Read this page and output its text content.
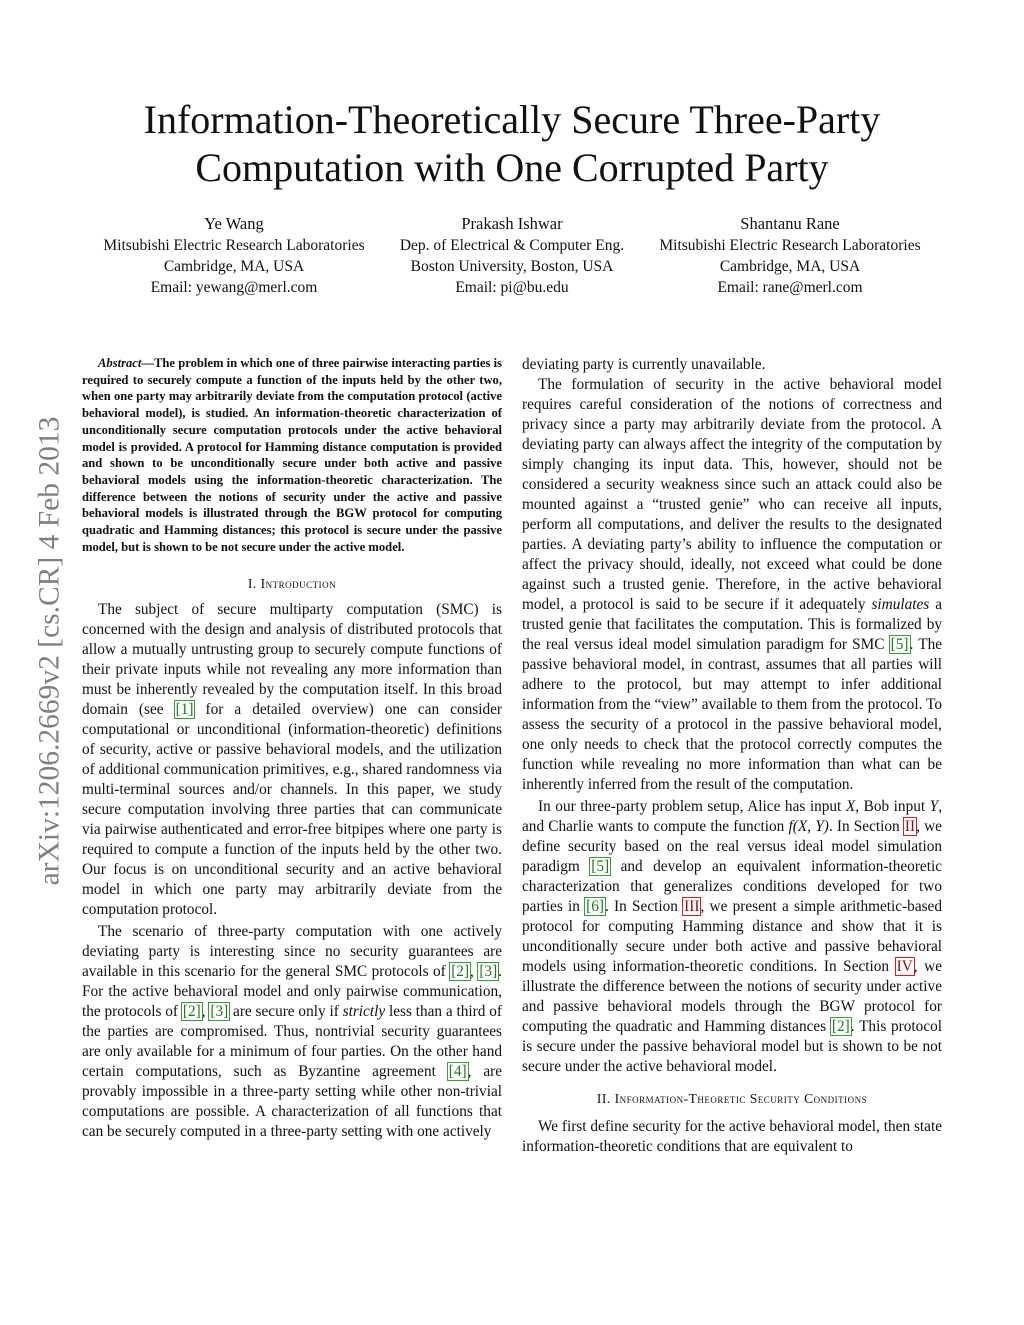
Information-Theoretically Secure Three-Party
Computation with One Corrupted Party
Ye Wang
Mitsubishi Electric Research Laboratories
Cambridge, MA, USA
Email: yewang@merl.com
Prakash Ishwar
Dep. of Electrical & Computer Eng.
Boston University, Boston, USA
Email: pi@bu.edu
Shantanu Rane
Mitsubishi Electric Research Laboratories
Cambridge, MA, USA
Email: rane@merl.com
arXiv:1206.2669v2 [cs.CR] 4 Feb 2013

Abstract—The problem in which one of three pairwise interacting parties is required to securely compute a function of the inputs held by the other two, when one party may arbitrarily deviate from the computation protocol (active behavioral model), is studied. An information-theoretic characterization of unconditionally secure computation protocols under the active behavioral model is provided. A protocol for Hamming distance computation is provided and shown to be unconditionally secure under both active and passive behavioral models using the information-theoretic characterization. The difference between the notions of security under the active and passive behavioral models is illustrated through the BGW protocol for computing quadratic and Hamming distances; this protocol is secure under the passive model, but is shown to be not secure under the active model.

I. Introduction

The subject of secure multiparty computation (SMC) is concerned with the design and analysis of distributed protocols that allow a mutually untrusting group to securely compute functions of their private inputs while not revealing any more information than must be inherently revealed by the computation itself. In this broad domain (see [1] for a detailed overview) one can consider computational or unconditional (information-theoretic) definitions of security, active or passive behavioral models, and the utilization of additional communication primitives, e.g., shared randomness via multi-terminal sources and/or channels. In this paper, we study secure computation involving three parties that can communicate via pairwise authenticated and error-free bitpipes where one party is required to compute a function of the inputs held by the other two. Our focus is on unconditional security and an active behavioral model in which one party may arbitrarily deviate from the computation protocol.

The scenario of three-party computation with one actively deviating party is interesting since no security guarantees are available in this scenario for the general SMC protocols of [2], [3]. For the active behavioral model and only pairwise communication, the protocols of [2], [3] are secure only if strictly less than a third of the parties are compromised. Thus, nontrivial security guarantees are only available for a minimum of four parties. On the other hand certain computations, such as Byzantine agreement [4], are provably impossible in a three-party setting while other non-trivial computations are possible. A characterization of all functions that can be securely computed in a three-party setting with one actively

deviating party is currently unavailable.

The formulation of security in the active behavioral model requires careful consideration of the notions of correctness and privacy since a party may arbitrarily deviate from the protocol. A deviating party can always affect the integrity of the computation by simply changing its input data. This, however, should not be considered a security weakness since such an attack could also be mounted against a “trusted genie” who can receive all inputs, perform all computations, and deliver the results to the designated parties. A deviating party’s ability to influence the computation or affect the privacy should, ideally, not exceed what could be done against such a trusted genie. Therefore, in the active behavioral model, a protocol is said to be secure if it adequately simulates a trusted genie that facilitates the computation. This is formalized by the real versus ideal model simulation paradigm for SMC [5]. The passive behavioral model, in contrast, assumes that all parties will adhere to the protocol, but may attempt to infer additional information from the “view” available to them from the protocol. To assess the security of a protocol in the passive behavioral model, one only needs to check that the protocol correctly computes the function while revealing no more information than what can be inherently inferred from the result of the computation.

In our three-party problem setup, Alice has input X, Bob input Y, and Charlie wants to compute the function f(X, Y). In Section II, we define security based on the real versus ideal model simulation paradigm [5] and develop an equivalent information-theoretic characterization that generalizes conditions developed for two parties in [6]. In Section III, we present a simple arithmetic-based protocol for computing Hamming distance and show that it is unconditionally secure under both active and passive behavioral models using information-theoretic conditions. In Section IV, we illustrate the difference between the notions of security under active and passive behavioral models through the BGW protocol for computing the quadratic and Hamming distances [2]. This protocol is secure under the passive behavioral model but is shown to be not secure under the active behavioral model.

II. Information-Theoretic Security Conditions

We first define security for the active behavioral model, then state information-theoretic conditions that are equivalent to
